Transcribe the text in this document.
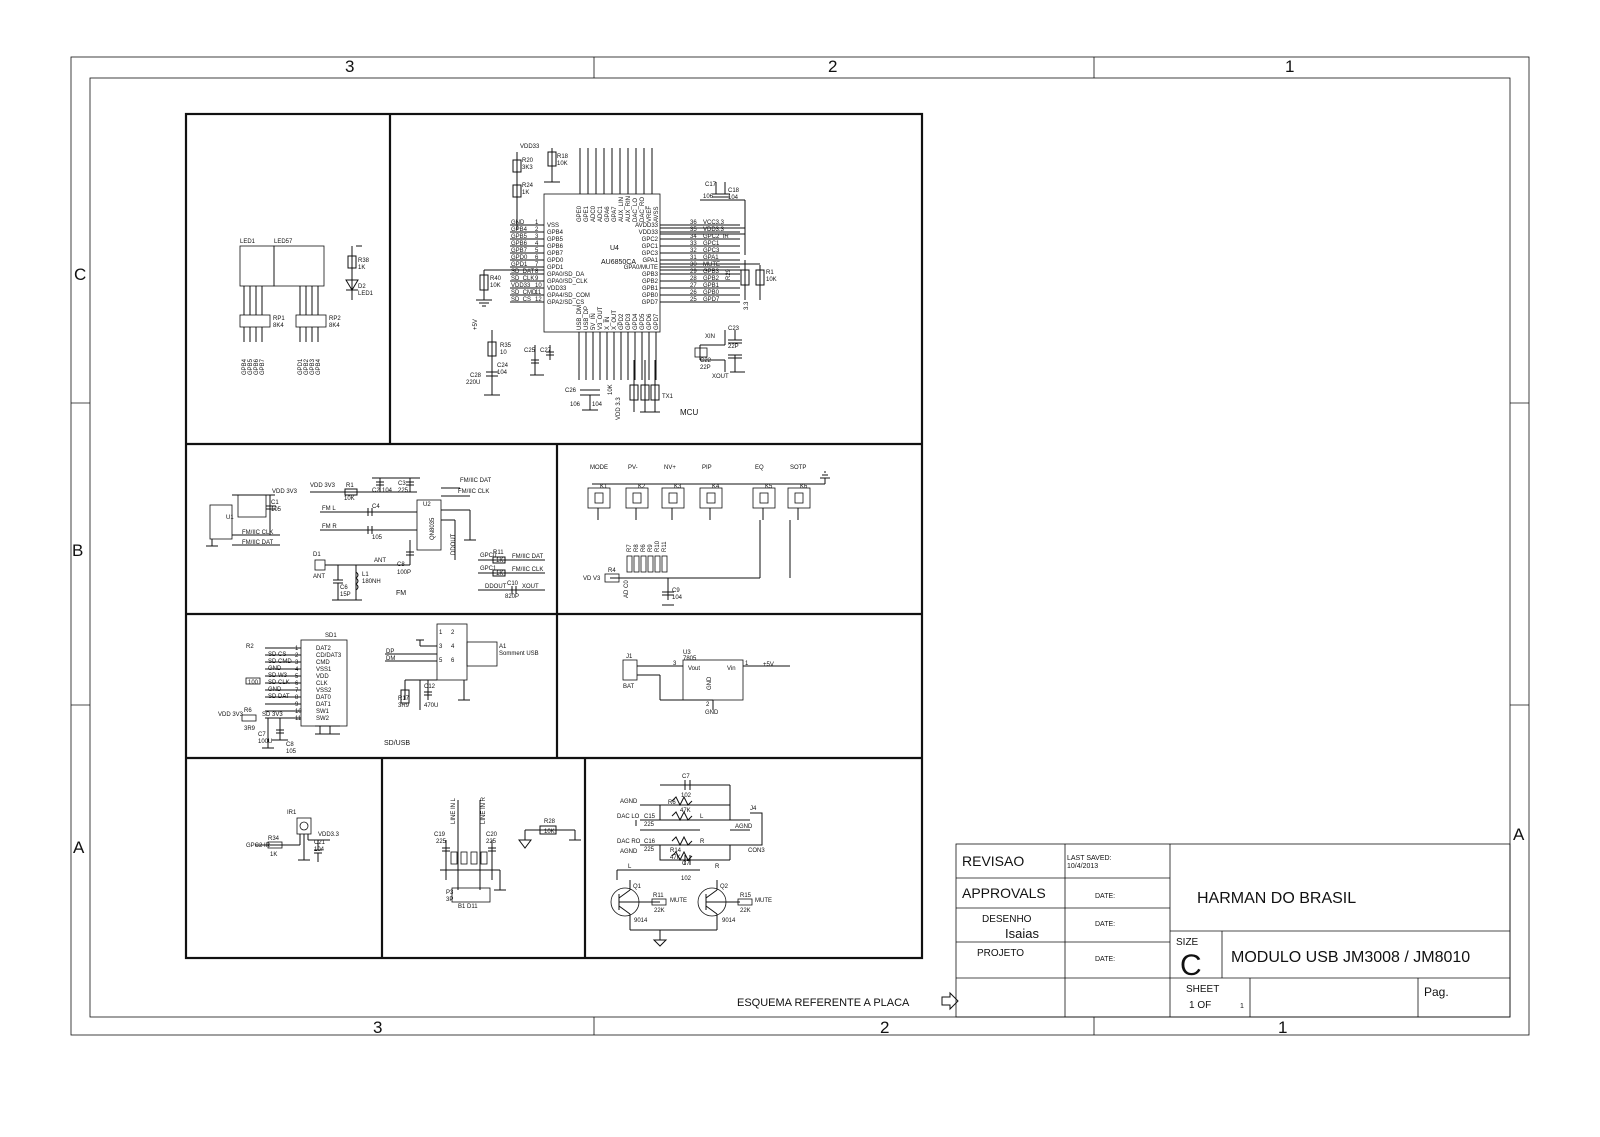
3	2	1
3	2	1
C
B
A
A
U4
AU6850CA
MCU
VDD33
GND 1 VSS
GPB4 2 GPB4
GPB5 3 GPB5
GPB6 4 GPB6
GPB7 5 GPB7
GPD0 6 GPD0
GPD1 7 GPD1
SD_DAT 8 GPA0/SD_DA
SD_CLK 9 GPA0/SD_CLK
VDD33 10 VDD33
SD_CMD
11 GPA4/SD_COM
SD_CS 12 GPA2/SD_CS
36 VCC3.3
AVDD33
35 VDD3.3
VDD33
34 GPC2_IR
GPC2
33 GPC1
GPC1
32 GPC3
GPC3
31 GPA1
GPA1
30 MUTE
GPA0/MUTE
29 GPB3
GPB3
28 GPB2
GPB2
27 GPB1
GPB1
26 GPB0
GPB0
25 GPD7
GPD7
GPE0 GPE1 ADC0 ADC1 GPA6 GPA7 AUX_LIN AUX_RIN DAC_LO DAC_RO VREF AVSS
USB_DM USB_DP 5V_IN V3_OUT X_IN X_OUT GPD2 GPD3 GPD4 GPD5 GPD6 GPD7
R20
3K3
R18
10K
R24
1K
C17
106
C18
104
R40
10K
+5V
R35
10
C28
220U
C24
104
C25 C27
C26
106 104
10K
TX1
VDD 3.3
R29	R1
10K
3.3
XIN
C22
22P
C23
22P
XOUT
LED1	LED57
RP1
8K4
RP2
8K4
GPB4 GPB5 GPB6 GPB7	GPD1 GPB2 GPB3 GPB4
R38
1K
D2
LED1
U1
VDD 3V3
C1
105
FM/IIC CLK
FM/IIC DAT
QN8035
U2
VDD 3V3 R1
10K
C2 104
C3
225
FM/IIC DAT
FM/IIC CLK
FM L
FM R
C4
105	DDOUT
D1
ANT
ANT
L1
180NH
C6
15P
C8
100P
FM
GPC0
GPC1
R11
1K
1K
FM/IIC DAT
FM/IIC CLK
DDOUT	XOUT
C10
820P
MODE
K1
PV-
K2
NV+
K3
PIP
K4
EQ
K5
SOTP
K6
R7 R8 R6 R9 R10 R11
R4
VD V3
AD C0	C9
104
SD1
DAT2
1
CD/DAT3
2
CMD
3
VSS1
4
VDD
5
CLK
6
VSS2
7
DAT0
8
DAT1
9
SW1
10
SW2
11
SD CS
SD CMD
GND
SD W3
SD CLK
GND
SD DAT
R2
100
VDD 3V3	SD 3V3
R6
3R9
C7
100U C8
105
1 2
3 4
5 6
A1
Somment USB
DP
DM
C12
470U
R17
3R9
SD/USB
J1
BAT
U3
7805
Vout	Vin
GND
GND
+5V
3	1
2
IR1
R34
1K
GPC2 IR
VDD3.3
C21
104
LINE IN L	LINE IN R
C19
225
C20
225
P3
3P
B1 D11
R28
10K
AGND
DAC LO
DAC RO
AGND
AGND
C7
102
R6
47K
C15
225
C16
225	R14
47K
C7
102
L
R
J4
CON3
Q1	Q2
9014	9014
R11
22K
MUTE
R15
22K
MUTE
L	R
ESQUEMA REFERENTE A PLACA
REVISAO	LAST SAVED:
10/4/2013
APPROVALS	DATE:
DESENHO
Isaias
DATE:
PROJETO
DATE:
HARMAN DO BRASIL
SIZE
C MODULO USB JM3008 / JM8010
SHEET
1 OF	1
Pag.
